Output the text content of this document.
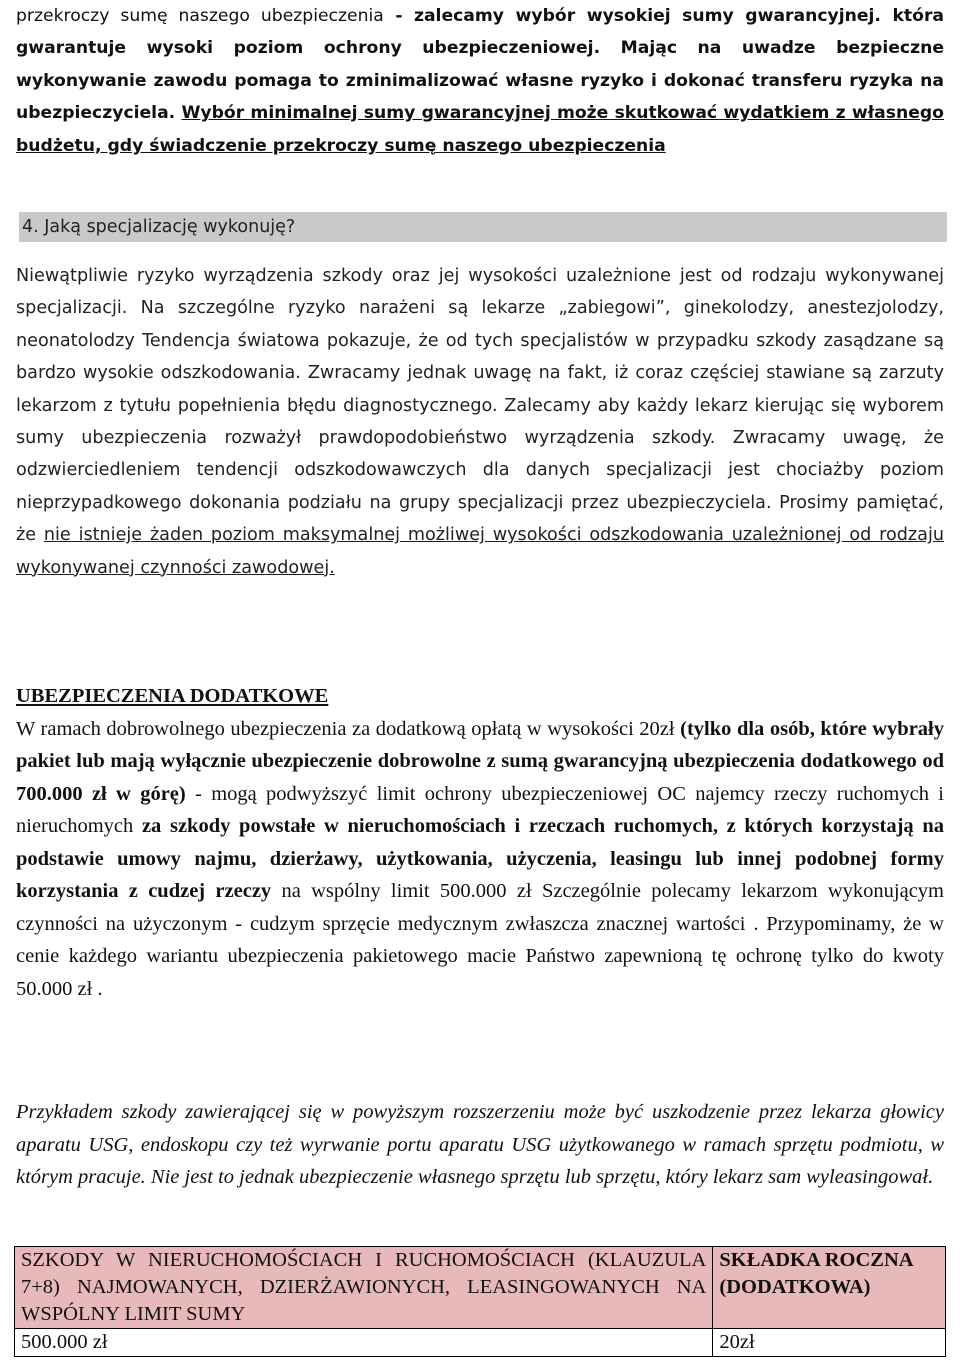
przekroczy sumę naszego ubezpieczenia - zalecamy wybór wysokiej sumy gwarancyjnej. która gwarantuje wysoki poziom ochrony ubezpieczeniowej. Mając na uwadze bezpieczne wykonywanie zawodu pomaga to zminimalizować własne ryzyko i dokonać transferu ryzyka na ubezpieczyciela. Wybór minimalnej sumy gwarancyjnej może skutkować wydatkiem z własnego budżetu, gdy świadczenie przekroczy sumę naszego ubezpieczenia

4. Jaką specjalizację wykonuję?

Niewątpliwie ryzyko wyrządzenia szkody oraz jej wysokości uzależnione jest od rodzaju wykonywanej specjalizacji. Na szczególne ryzyko narażeni są lekarze „zabiegowi”, ginekolodzy, anestezjolodzy, neonatolodzy Tendencja światowa pokazuje, że od tych specjalistów w przypadku szkody zasądzane są bardzo wysokie odszkodowania. Zwracamy jednak uwagę na fakt, iż coraz częściej stawiane są zarzuty lekarzom z tytułu popełnienia błędu diagnostycznego. Zalecamy aby każdy lekarz kierując się wyborem sumy ubezpieczenia rozważył prawdopodobieństwo wyrządzenia szkody. Zwracamy uwagę, że odzwierciedleniem tendencji odszkodowawczych dla danych specjalizacji jest chociażby poziom nieprzypadkowego dokonania podziału na grupy specjalizacji przez ubezpieczyciela. Prosimy pamiętać, że nie istnieje żaden poziom maksymalnej możliwej wysokości odszkodowania uzależnionej od rodzaju wykonywanej czynności zawodowej.

UBEZPIECZENIA DODATKOWE

W ramach dobrowolnego ubezpieczenia za dodatkową opłatą w wysokości 20zł (tylko dla osób, które wybrały pakiet lub mają wyłącznie ubezpieczenie dobrowolne z sumą gwarancyjną ubezpieczenia dodatkowego od 700.000 zł w górę) - mogą podwyższyć limit ochrony ubezpieczeniowej OC najemcy rzeczy ruchomych i nieruchomych za szkody powstałe w nieruchomościach i rzeczach ruchomych, z których korzystają na podstawie umowy najmu, dzierżawy, użytkowania, użyczenia, leasingu lub innej podobnej formy korzystania z cudzej rzeczy na wspólny limit 500.000 zł Szczególnie polecamy lekarzom wykonującym czynności na użyczonym - cudzym sprzęcie medycznym zwłaszcza znacznej wartości . Przypominamy, że w cenie każdego wariantu ubezpieczenia pakietowego macie Państwo zapewnioną tę ochronę tylko do kwoty 50.000 zł .

Przykładem szkody zawierającej się w powyższym rozszerzeniu może być uszkodzenie przez lekarza głowicy aparatu USG, endoskopu czy też wyrwanie portu aparatu USG użytkowanego w ramach sprzętu podmiotu, w którym pracuje. Nie jest to jednak ubezpieczenie własnego sprzętu lub sprzętu, który lekarz sam wyleasingował.
SZKODY W NIERUCHOMOŚCIACH I RUCHOMOŚCIACH (KLAUZULA 7+8) NAJMOWANYCH, DZIERŻAWIONYCH, LEASINGOWANYCH NA WSPÓLNY LIMIT SUMY	SKŁADKA ROCZNA (DODATKOWA)
500.000 zł	20zł
